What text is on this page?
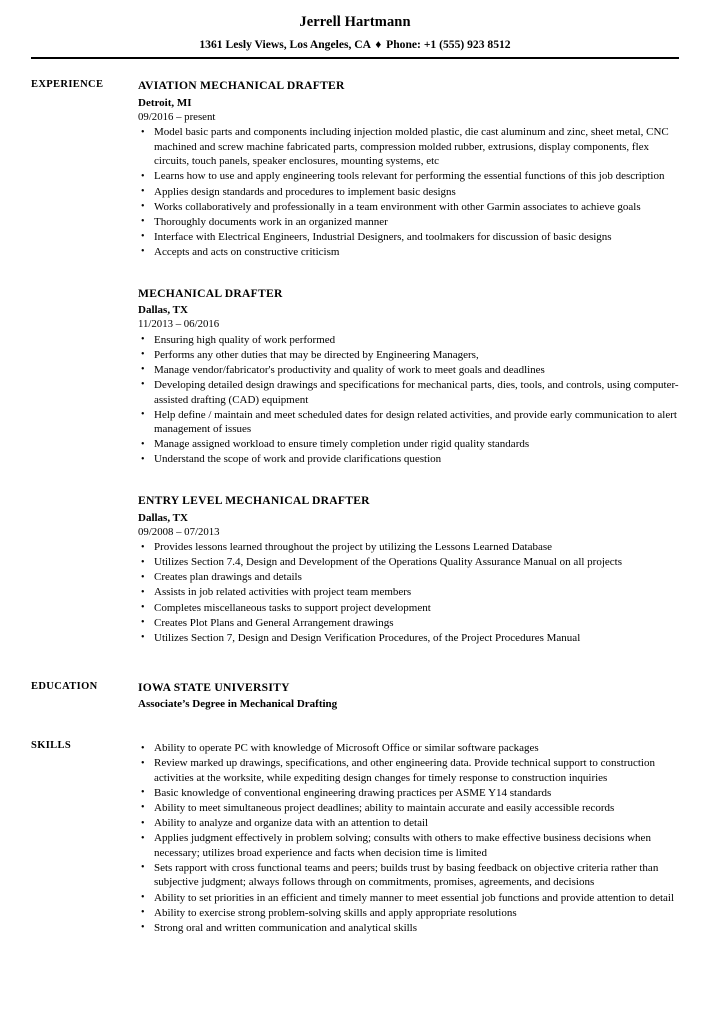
Jerrell Hartmann
1361 Lesly Views, Los Angeles, CA ♦ Phone: +1 (555) 923 8512
EXPERIENCE	AVIATION MECHANICAL DRAFTER
Detroit, MI
09/2016 – present
• Model basic parts and components including injection molded plastic, die cast aluminum and zinc, sheet metal, CNC machined and screw machine fabricated parts, compression molded rubber, extrusions, display components, flex circuits, touch panels, speaker enclosures, mounting systems, etc
• Learns how to use and apply engineering tools relevant for performing the essential functions of this job description
• Applies design standards and procedures to implement basic designs
• Works collaboratively and professionally in a team environment with other Garmin associates to achieve goals
• Thoroughly documents work in an organized manner
• Interface with Electrical Engineers, Industrial Designers, and toolmakers for discussion of basic designs
• Accepts and acts on constructive criticism
MECHANICAL DRAFTER
Dallas, TX
11/2013 – 06/2016
• Ensuring high quality of work performed
• Performs any other duties that may be directed by Engineering Managers,
• Manage vendor/fabricator's productivity and quality of work to meet goals and deadlines
• Developing detailed design drawings and specifications for mechanical parts, dies, tools, and controls, using computer-assisted drafting (CAD) equipment
• Help define / maintain and meet scheduled dates for design related activities, and provide early communication to alert management of issues
• Manage assigned workload to ensure timely completion under rigid quality standards
• Understand the scope of work and provide clarifications question
ENTRY LEVEL MECHANICAL DRAFTER
Dallas, TX
09/2008 – 07/2013
• Provides lessons learned throughout the project by utilizing the Lessons Learned Database
• Utilizes Section 7.4, Design and Development of the Operations Quality Assurance Manual on all projects
• Creates plan drawings and details
• Assists in job related activities with project team members
• Completes miscellaneous tasks to support project development
• Creates Plot Plans and General Arrangement drawings
• Utilizes Section 7, Design and Design Verification Procedures, of the Project Procedures Manual
EDUCATION	IOWA STATE UNIVERSITY
Associate’s Degree in Mechanical Drafting
SKILLS	• Ability to operate PC with knowledge of Microsoft Office or similar software packages
• Review marked up drawings, specifications, and other engineering data. Provide technical support to construction activities at the worksite, while expediting design changes for timely response to construction inquiries
• Basic knowledge of conventional engineering drawing practices per ASME Y14 standards
• Ability to meet simultaneous project deadlines; ability to maintain accurate and easily accessible records
• Ability to analyze and organize data with an attention to detail
• Applies judgment effectively in problem solving; consults with others to make effective business decisions when necessary; utilizes broad experience and facts when decision time is limited
• Sets rapport with cross functional teams and peers; builds trust by basing feedback on objective criteria rather than subjective judgment; always follows through on commitments, promises, agreements, and decisions
• Ability to set priorities in an efficient and timely manner to meet essential job functions and provide attention to detail
• Ability to exercise strong problem-solving skills and apply appropriate resolutions
• Strong oral and written communication and analytical skills
